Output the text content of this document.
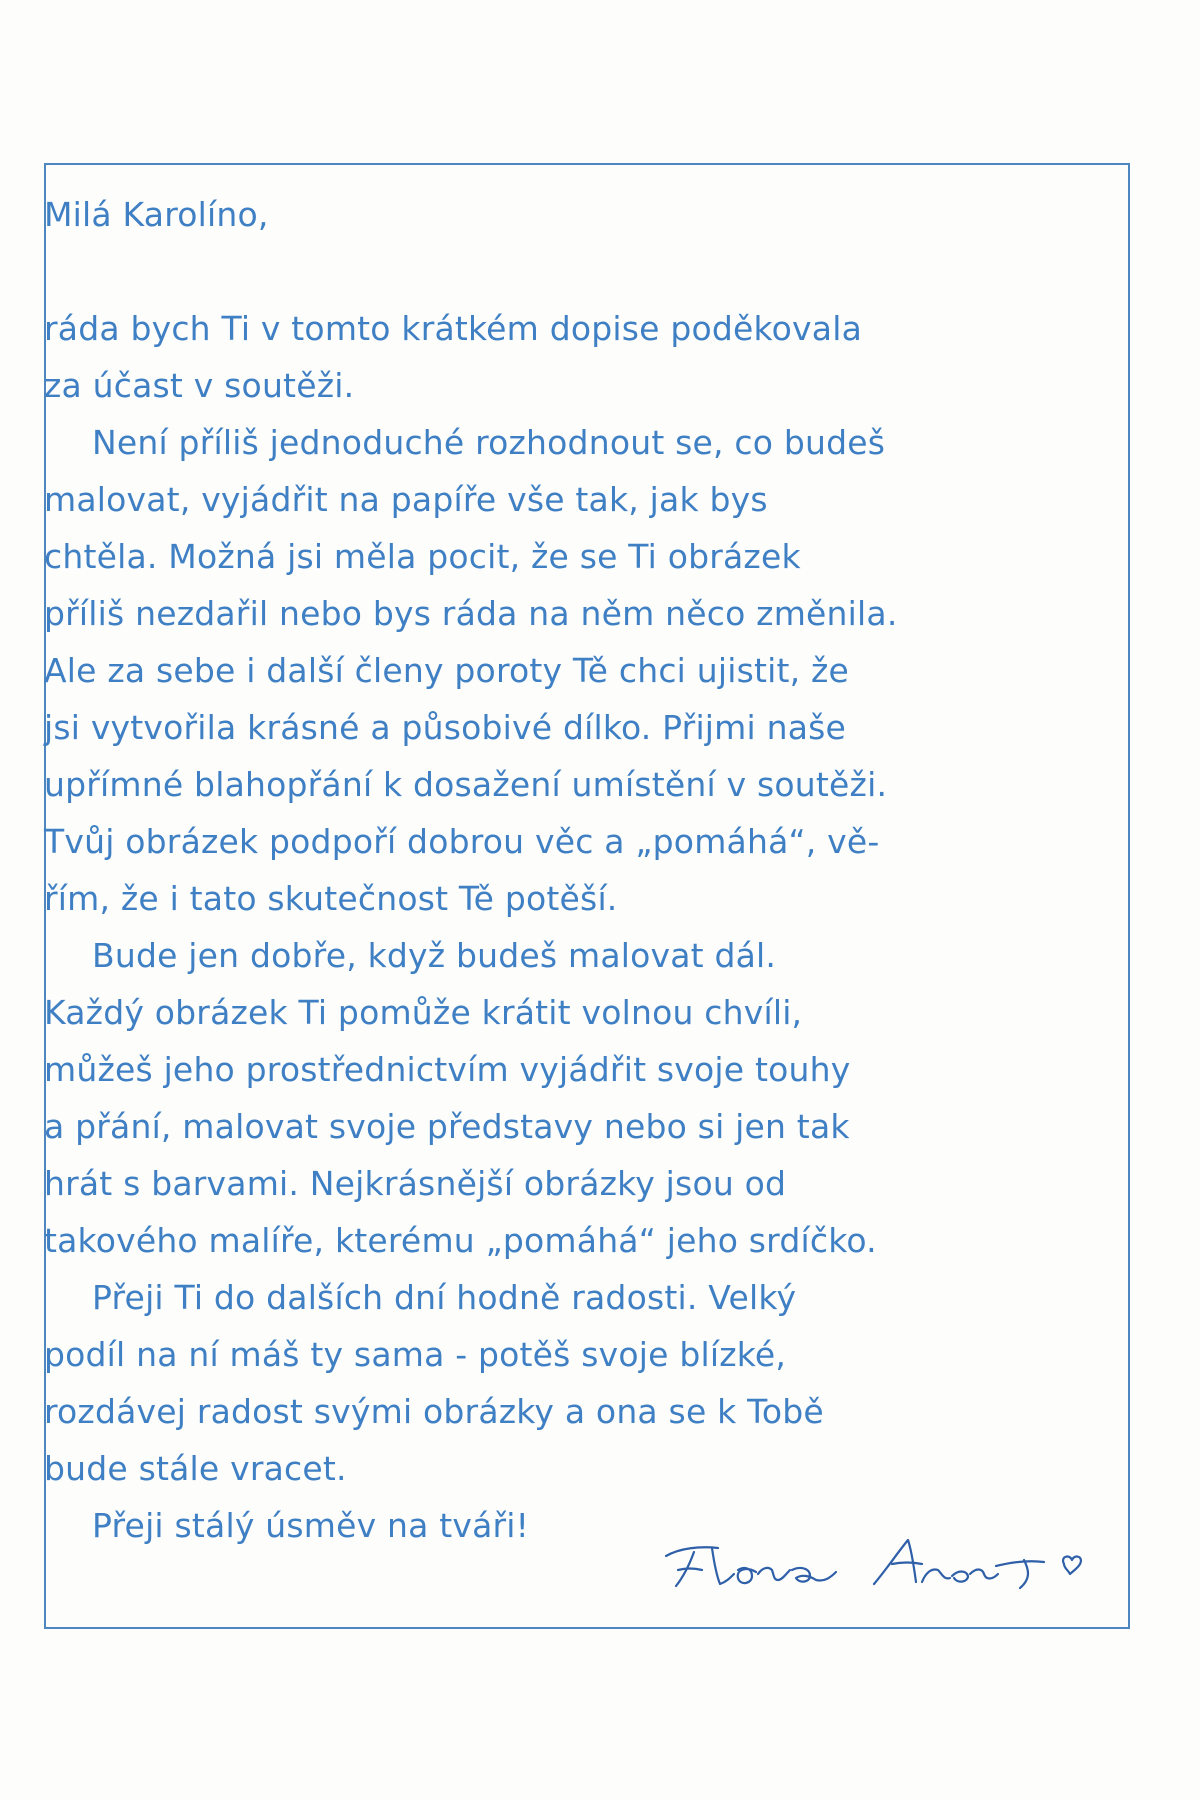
Milá Karolíno,
ráda bych Ti v tomto krátkém dopise poděkovala
za účast v soutěži.
Není příliš jednoduché rozhodnout se, co budeš
malovat, vyjádřit na papíře vše tak, jak bys
chtěla. Možná jsi měla pocit, že se Ti obrázek
příliš nezdařil nebo bys ráda na něm něco změnila.
Ale za sebe i další členy poroty Tě chci ujistit, že
jsi vytvořila krásné a působivé dílko. Přijmi naše
upřímné blahopřání k dosažení umístění v soutěži.
Tvůj obrázek podpoří dobrou věc a „pomáhá“, vě-
řím, že i tato skutečnost Tě potěší.
Bude jen dobře, když budeš malovat dál.
Každý obrázek Ti pomůže krátit volnou chvíli,
můžeš jeho prostřednictvím vyjádřit svoje touhy
a přání, malovat svoje představy nebo si jen tak
hrát s barvami. Nejkrásnější obrázky jsou od
takového malíře, kterému „pomáhá“ jeho srdíčko.
Přeji Ti do dalších dní hodně radosti. Velký
podíl na ní máš ty sama - potěš svoje blízké,
rozdávej radost svými obrázky a ona se k Tobě
bude stále vracet.
Přeji stálý úsměv na tváři!
